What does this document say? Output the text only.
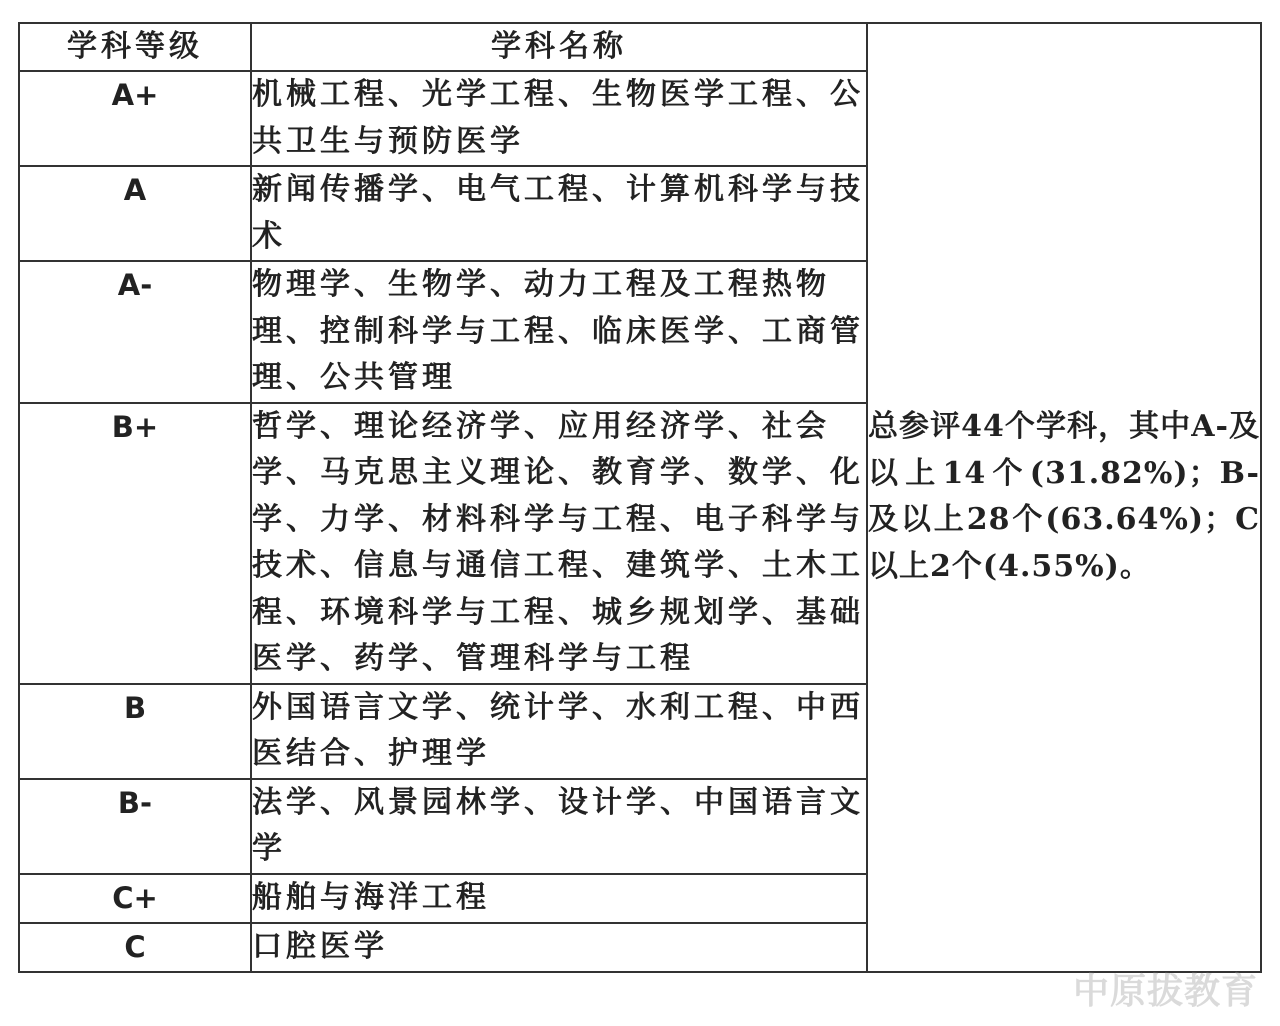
学科等级	学科名称	总参评44个学科，其中A-及以上14个(31.82%)；B-及以上28个(63.64%)；C以上2个(4.55%)。
A+	机械工程、光学工程、生物医学工程、公共卫生与预防医学	
A	新闻传播学、电气工程、计算机科学与技术	
A-	物理学、生物学、动力工程及工程热物理、控制科学与工程、临床医学、工商管理、公共管理	
B+	哲学、理论经济学、应用经济学、社会学、马克思主义理论、教育学、数学、化学、力学、材料科学与工程、电子科学与技术、信息与通信工程、建筑学、土木工程、环境科学与工程、城乡规划学、基础医学、药学、管理科学与工程	
B	外国语言文学、统计学、水利工程、中西医结合、护理学	
B-	法学、风景园林学、设计学、中国语言文学	
C+	船舶与海洋工程	
C	口腔医学	
中原拔教育
